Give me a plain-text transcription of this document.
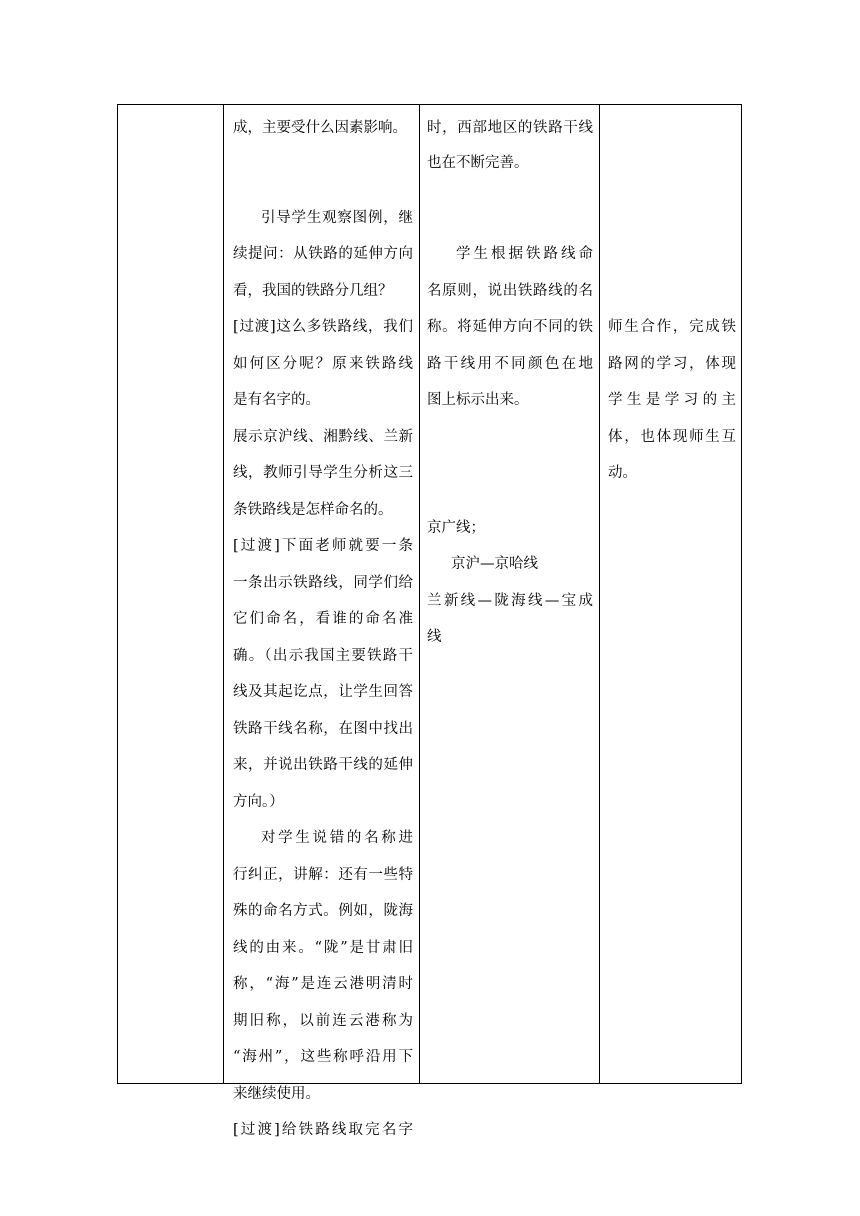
成，主要受什么因素影响。
引导学生观察图例，继
续提问：从铁路的延伸方向
看，我国的铁路分几组？
[过渡]这么多铁路线，我们
如何区分呢？原来铁路线
是有名字的。
展示京沪线、湘黔线、兰新
线，教师引导学生分析这三
条铁路线是怎样命名的。
[过渡]下面老师就要一条
一条出示铁路线，同学们给
它们命名，看谁的命名准
确。（出示我国主要铁路干
线及其起讫点，让学生回答
铁路干线名称，在图中找出
来，并说出铁路干线的延伸
方向。）
对学生说错的名称进
行纠正，讲解：还有一些特
殊的命名方式。例如，陇海
线的由来。“陇”是甘肃旧
称，“海”是连云港明清时
期旧称，以前连云港称为
“海州”，这些称呼沿用下
来继续使用。
[过渡]给铁路线取完名字
时，西部地区的铁路干线
也在不断完善。
学生根据铁路线命
名原则，说出铁路线的名
称。将延伸方向不同的铁
路干线用不同颜色在地
图上标示出来。
京广线；
京沪—京哈线
兰新线—陇海线—宝成
线
师生合作，完成铁
路网的学习，体现
学生是学习的主
体，也体现师生互
动。
